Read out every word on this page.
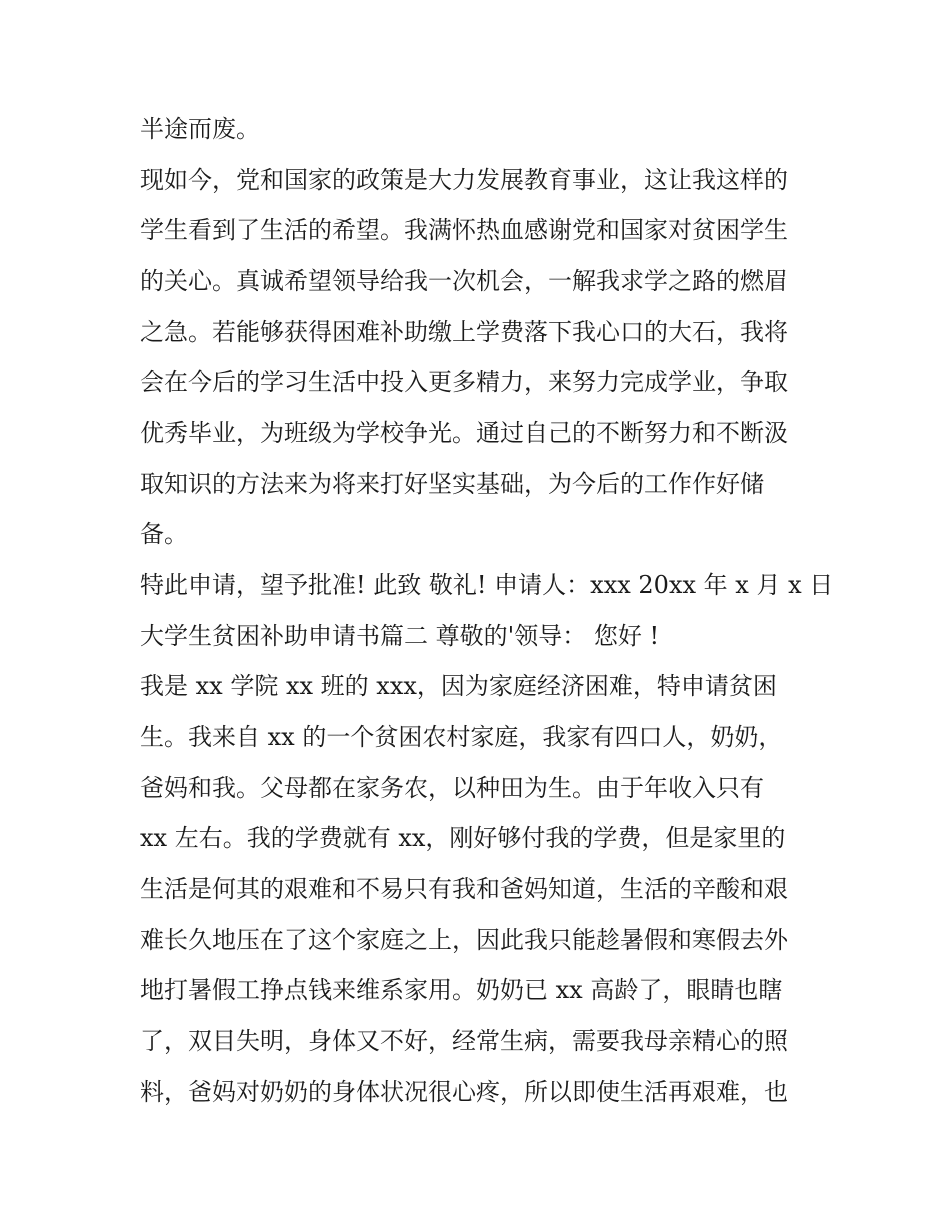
半途而废。
现如今，党和国家的政策是大力发展教育事业，这让我这样的
学生看到了生活的希望。我满怀热血感谢党和国家对贫困学生
的关心。真诚希望领导给我一次机会，一解我求学之路的燃眉
之急。若能够获得困难补助缴上学费落下我心口的大石，我将
会在今后的学习生活中投入更多精力，来努力完成学业，争取
优秀毕业，为班级为学校争光。通过自己的不断努力和不断汲
取知识的方法来为将来打好坚实基础，为今后的工作作好储
备。
特此申请，望予批准! 此致 敬礼! 申请人：xxx 20xx 年 x 月 x 日
大学生贫困补助申请书篇二 尊敬的'领导： 您好 !
我是 xx 学院 xx 班的 xxx，因为家庭经济困难，特申请贫困
生。我来自 xx 的一个贫困农村家庭，我家有四口人，奶奶，
爸妈和我。父母都在家务农，以种田为生。由于年收入只有
xx 左右。我的学费就有 xx，刚好够付我的学费，但是家里的
生活是何其的艰难和不易只有我和爸妈知道，生活的辛酸和艰
难长久地压在了这个家庭之上，因此我只能趁暑假和寒假去外
地打暑假工挣点钱来维系家用。奶奶已 xx 高龄了，眼睛也瞎
了，双目失明，身体又不好，经常生病，需要我母亲精心的照
料，爸妈对奶奶的身体状况很心疼，所以即使生活再艰难，也
